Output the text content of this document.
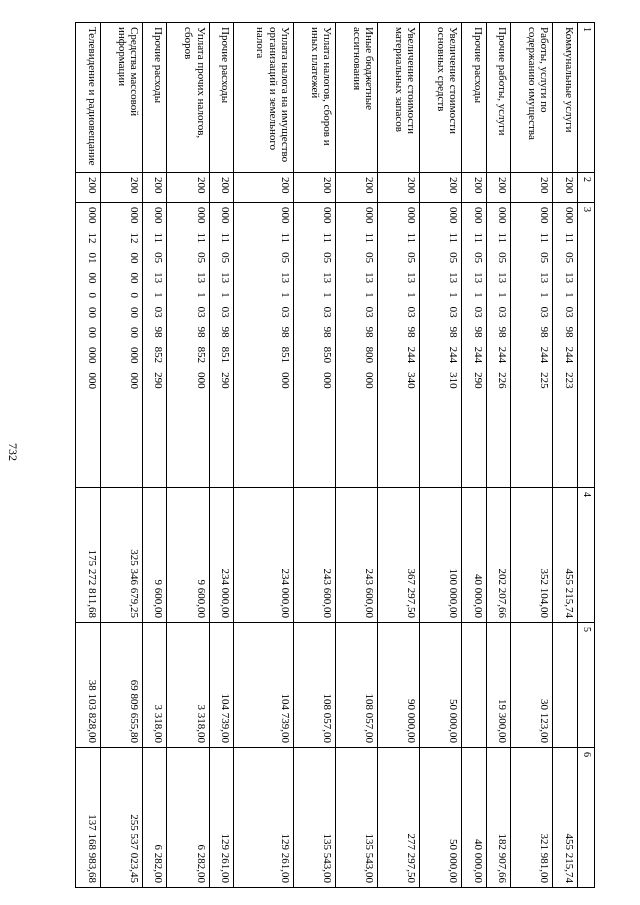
732
1	2	3	4	5	6
Коммунальные услуги	200	00011051310398244223	455 215,74		455 215,74
Работы, услуги по содержанию имущества	200	00011051310398244225	352 104,00	30 123,00	321 981,00
Прочие работы, услуги	200	00011051310398244226	202 207,66	19 300,00	182 907,66
Прочие расходы	200	00011051310398244290	40 000,00		40 000,00
Увеличение стоимости основных средств	200	00011051310398244310	100 000,00	50 000,00	50 000,00
Увеличение стоимости материальных запасов	200	00011051310398244340	367 297,50	90 000,00	277 297,50
Иные бюджетные ассигнования	200	00011051310398800000	243 600,00	108 057,00	135 543,00
Уплата налогов, сборов и иных платежей	200	00011051310398850000	243 600,00	108 057,00	135 543,00
Уплата налога на имущество организаций и земельного налога	200	00011051310398851000	234 000,00	104 739,00	129 261,00
Прочие расходы	200	00011051310398851290	234 000,00	104 739,00	129 261,00
Уплата прочих налогов, сборов	200	00011051310398852000	9 600,00	3 318,00	6 282,00
Прочие расходы	200	00011051310398852290	9 600,00	3 318,00	6 282,00
Средства массовой информации	200	00012000000000000000	325 346 679,25	69 809 655,80	255 537 023,45
Телевидение и радиовещание	200	00012010000000000000	175 272 811,68	38 103 828,00	137 168 983,68
